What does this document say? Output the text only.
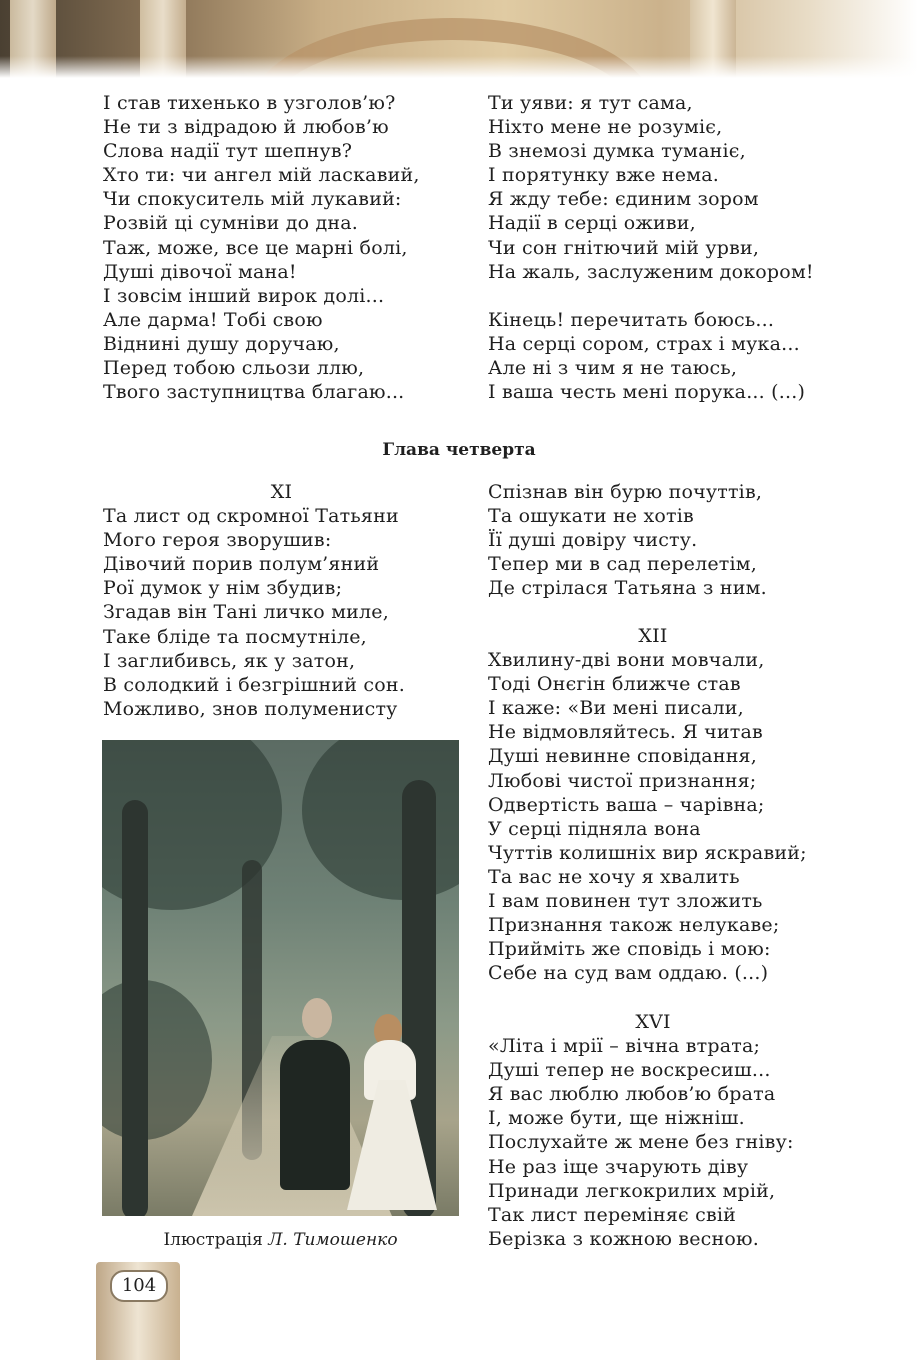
І став тихенько в узголов’ю?
Не ти з відрадою й любов’ю
Слова надії тут шепнув?
Хто ти: чи ангел мій ласкавий,
Чи спокуситель мій лукавий:
Розвій ці сумніви до дна.
Таж, може, все це марні болі,
Душі дівочої мана!
І зовсім інший вирок долі...
Але дарма! Тобі свою
Віднині душу доручаю,
Перед тобою сльози ллю,
Твого заступництва благаю...
Ти уяви: я тут сама,
Ніхто мене не розуміє,
В знемозі думка туманіє,
І порятунку вже нема.
Я жду тебе: єдиним зором
Надії в серці оживи,
Чи сон гнітючий мій урви,
На жаль, заслуженим докором!

Кінець! перечитать боюсь...
На серці сором, страх і мука...
Але ні з чим я не таюсь,
І ваша честь мені порука... (...)
Глава четверта
XI
Та лист од скромної Татьяни
Мого героя зворушив:
Дівочий порив полум’яний
Рої думок у нім збудив;
Згадав він Тані личко миле,
Таке бліде та посмутніле,
І заглибивсь, як у затон,
В солодкий і безгрішний сон.
Можливо, знов полуменисту
Ілюстрація Л. Тимошенко
Спізнав він бурю почуттів,
Та ошукати не хотів
Її душі довіру чисту.
Тепер ми в сад перелетім,
Де стрілася Татьяна з ним.
XII
Хвилину-дві вони мовчали,
Тоді Онєгін ближче став
І каже: «Ви мені писали,
Не відмовляйтесь. Я читав
Душі невинне сповідання,
Любові чистої признання;
Одвертість ваша – чарівна;
У серці підняла вона
Чуттів колишніх вир яскравий;
Та вас не хочу я хвалить
І вам повинен тут зложить
Признання також нелукаве;
Прийміть же сповідь і мою:
Себе на суд вам оддаю. (...)
XVI
«Літа і мрії – вічна втрата;
Душі тепер не воскресиш...
Я вас люблю любов’ю брата
І, може бути, ще ніжніш.
Послухайте ж мене без гніву:
Не раз іще зчарують діву
Принади легкокрилих мрій,
Так лист переміняє свій
Берізка з кожною весною.
104
